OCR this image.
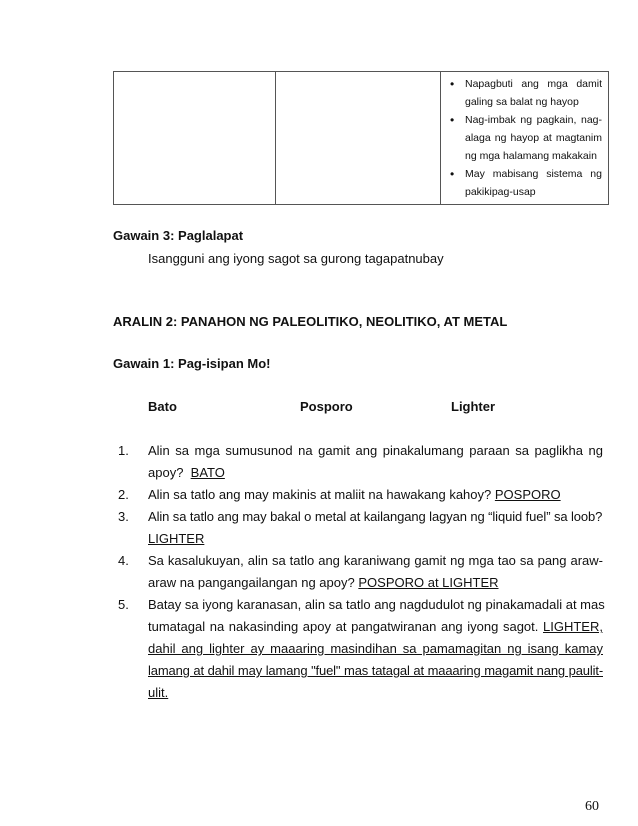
• Napagbuti ang mga damit
galing sa balat ng hayop
• Nag-imbak ng pagkain, nag-
alaga ng hayop at magtanim
ng mga halamang makakain
• May mabisang sistema ng
pakikipag-usap
Gawain 3: Paglalapat
Isangguni ang iyong sagot sa gurong tagapatnubay
ARALIN 2: PANAHON NG PALEOLITIKO, NEOLITIKO, AT METAL
Gawain 1: Pag-isipan Mo!
Bato	Posporo	Lighter
1. Alin sa mga sumusunod na gamit ang pinakalumang paraan sa paglikha ng
apoy? BATO
2. Alin sa tatlo ang may makinis at maliit na hawakang kahoy? POSPORO
3. Alin sa tatlo ang may bakal o metal at kailangang lagyan ng “liquid fuel” sa loob?
LIGHTER
4. Sa kasalukuyan, alin sa tatlo ang karaniwang gamit ng mga tao sa pang araw-
araw na pangangailangan ng apoy? POSPORO at LIGHTER
5. Batay sa iyong karanasan, alin sa tatlo ang nagdudulot ng pinakamadali at mas
tumatagal na nakasinding apoy at pangatwiranan ang iyong sagot. LIGHTER,
dahil ang lighter ay maaaring masindihan sa pamamagitan ng isang kamay
lamang at dahil may lamang "fuel" mas tatagal at maaaring magamit nang paulit-
ulit.
60
